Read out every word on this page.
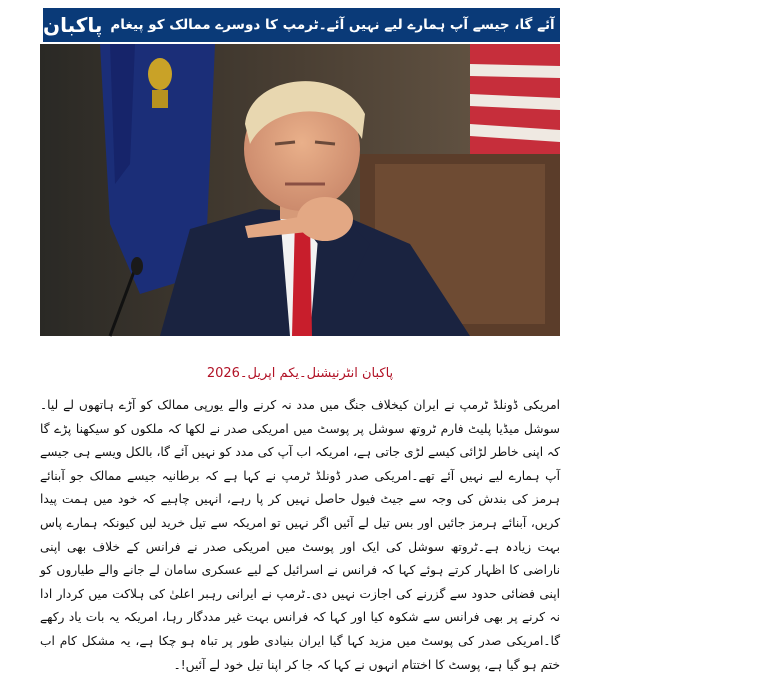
پاکبان امریکہ اب آپ کی مدد کو نہیں آئے گا، جیسے آپ ہمارے لیے نہیں آئے۔ٹرمپ کا دوسرے ممالک کو پیغام
پاکبان انٹرنیشنل۔یکم اپریل۔2026
امریکی ڈونلڈ ٹرمپ نے ایران کیخلاف جنگ میں مدد نہ کرنے والے یورپی ممالک کو آڑے ہاتھوں لے لیا۔سوشل میڈیا پلیٹ فارم ٹروتھ سوشل پر پوسٹ میں امریکی صدر نے لکھا کہ ملکوں کو سیکھنا پڑے گا کہ اپنی خاطر لڑائی کیسے لڑی جاتی ہے، امریکہ اب آپ کی مدد کو نہیں آئے گا، بالکل ویسے ہی جیسے آپ ہمارے لیے نہیں آئے تھے۔امریکی صدر ڈونلڈ ٹرمپ نے کہا ہے کہ برطانیہ جیسے ممالک جو آبنائے ہرمز کی بندش کی وجہ سے جیٹ فیول حاصل نہیں کر پا رہے، انہیں چاہیے کہ خود میں ہمت پیدا کریں، آبنائے ہرمز جائیں اور بس تیل لے آئیں اگر نہیں تو امریکہ سے تیل خرید لیں کیونکہ ہمارے پاس بہت زیادہ ہے۔ٹروتھ سوشل کی ایک اور پوسٹ میں امریکی صدر نے فرانس کے خلاف بھی اپنی ناراضی کا اظہار کرتے ہوئے کہا کہ فرانس نے اسرائیل کے لیے عسکری سامان لے جانے والے طیاروں کو اپنی فضائی حدود سے گزرنے کی اجازت نہیں دی۔ٹرمپ نے ایرانی رہبر اعلیٰ کی ہلاکت میں کردار ادا نہ کرنے پر بھی فرانس سے شکوہ کیا اور کہا کہ فرانس بہت غیر مددگار رہا، امریکہ یہ بات یاد رکھے گا۔امریکی صدر کی پوسٹ میں مزید کہا گیا ایران بنیادی طور پر تباہ ہو چکا ہے، یہ مشکل کام اب ختم ہو گیا ہے، پوسٹ کا اختتام انہوں نے کہا کہ جا کر اپنا تیل خود لے آئیں!۔
